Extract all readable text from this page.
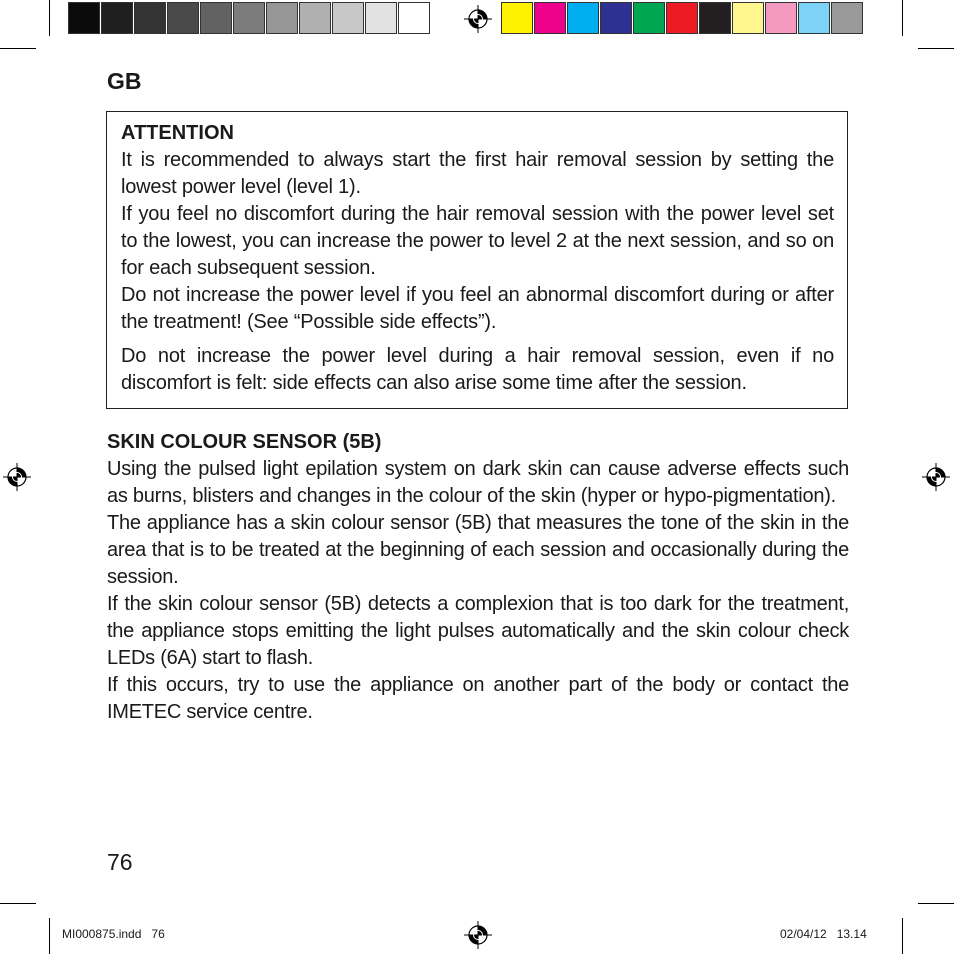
GB
ATTENTION

It is recommended to always start the first hair removal session by setting the lowest power level (level 1).

If you feel no discomfort during the hair removal session with the power level set to the lowest, you can increase the power to level 2 at the next session, and so on for each subsequent session.

Do not increase the power level if you feel an abnormal discomfort during or after the treatment! (See “Possible side effects”).

Do not increase the power level during a hair removal session, even if no discomfort is felt: side effects can also arise some time after the session.

SKIN COLOUR SENSOR (5B)

Using the pulsed light epilation system on dark skin can cause adverse effects such as burns, blisters and changes in the colour of the skin (hyper or hypo-pigmentation).

The appliance has a skin colour sensor (5B) that measures the tone of the skin in the area that is to be treated at the beginning of each session and occasionally during the session.

If the skin colour sensor (5B) detects a complexion that is too dark for the treatment, the appliance stops emitting the light pulses automatically and the skin colour check LEDs (6A) start to flash.

If this occurs, try to use the appliance on another part of the body or contact the IMETEC service centre.

76
MI000875.indd   76	02/04/12   13.14
